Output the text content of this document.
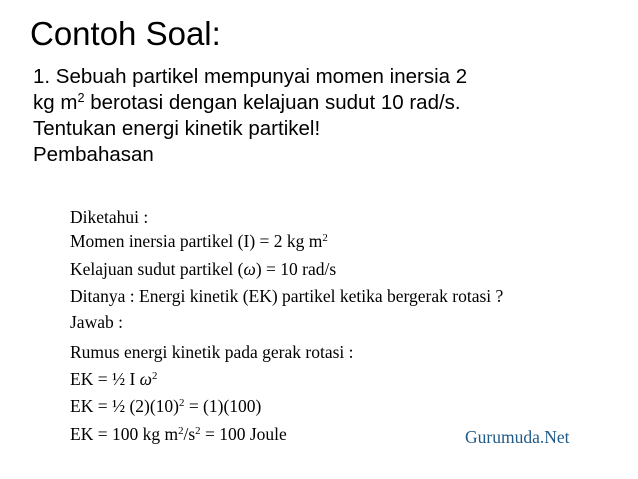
Contoh Soal:
1. Sebuah partikel mempunyai momen inersia 2
kg $m^2$ berotasi dengan kelajuan sudut 10 rad/s.
Tentukan energi kinetik partikel!
Pembahasan
Diketahui :
Momen inersia partikel (I) = 2 kg $m^2$
Kelajuan sudut partikel (ω) = 10 rad/s
Ditanya : Energi kinetik (EK) partikel ketika bergerak rotasi ?
Jawab :
Rumus energi kinetik pada gerak rotasi :
EK = ½ I $\omega^2$
EK = ½ $(2)(10)^2 = (1)(100)$
EK = 100 kg $m^2/s^2 = 100$ Joule	Gurumuda.Net
